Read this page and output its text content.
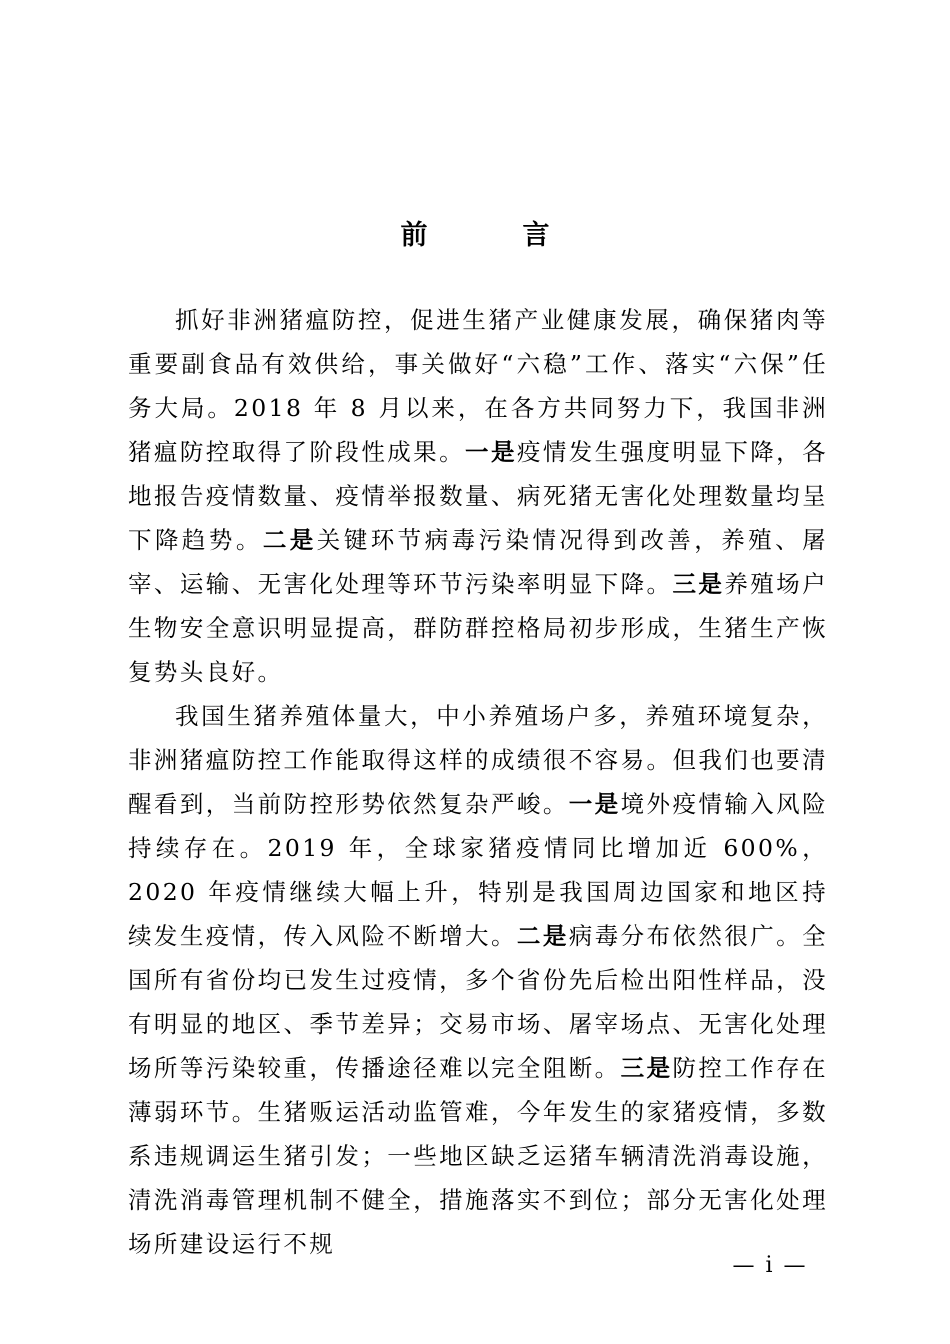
前　言

抓好非洲猪瘟防控，促进生猪产业健康发展，确保猪肉等重要副食品有效供给，事关做好“六稳”工作、落实“六保”任务大局。2018 年 8 月以来，在各方共同努力下，我国非洲猪瘟防控取得了阶段性成果。一是疫情发生强度明显下降，各地报告疫情数量、疫情举报数量、病死猪无害化处理数量均呈下降趋势。二是关键环节病毒污染情况得到改善，养殖、屠宰、运输、无害化处理等环节污染率明显下降。三是养殖场户生物安全意识明显提高，群防群控格局初步形成，生猪生产恢复势头良好。

我国生猪养殖体量大，中小养殖场户多，养殖环境复杂，非洲猪瘟防控工作能取得这样的成绩很不容易。但我们也要清醒看到，当前防控形势依然复杂严峻。一是境外疫情输入风险持续存在。2019 年，全球家猪疫情同比增加近 600%，2020 年疫情继续大幅上升，特别是我国周边国家和地区持续发生疫情，传入风险不断增大。二是病毒分布依然很广。全国所有省份均已发生过疫情，多个省份先后检出阳性样品，没有明显的地区、季节差异；交易市场、屠宰场点、无害化处理场所等污染较重，传播途径难以完全阻断。三是防控工作存在薄弱环节。生猪贩运活动监管难，今年发生的家猪疫情，多数系违规调运生猪引发；一些地区缺乏运猪车辆清洗消毒设施，清洗消毒管理机制不健全，措施落实不到位；部分无害化处理场所建设运行不规

— i —
